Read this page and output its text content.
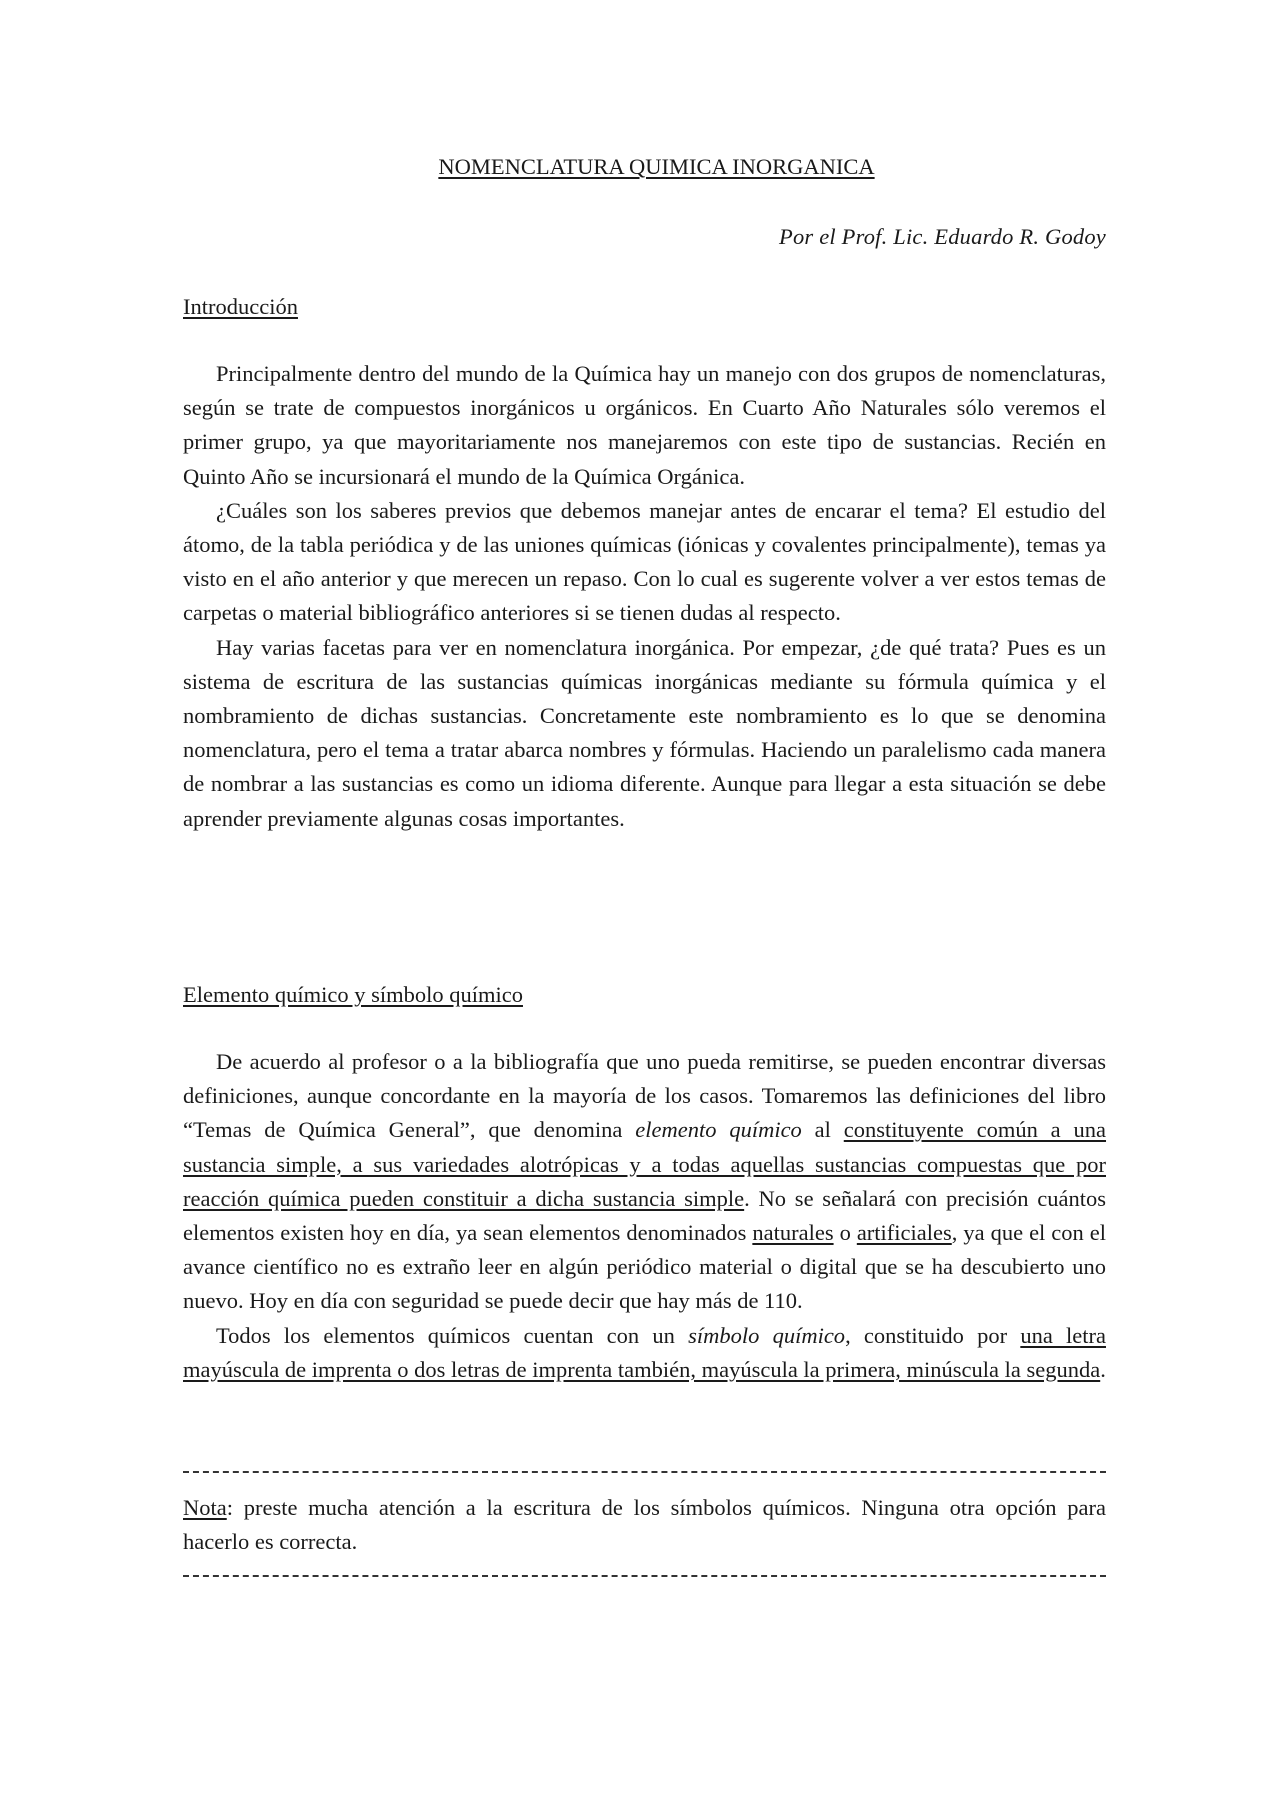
NOMENCLATURA QUIMICA INORGANICA
Por el Prof. Lic. Eduardo R. Godoy
Introducción

Principalmente dentro del mundo de la Química hay un manejo con dos grupos de nomenclaturas, según se trate de compuestos inorgánicos u orgánicos. En Cuarto Año Naturales sólo veremos el primer grupo, ya que mayoritariamente nos manejaremos con este tipo de sustancias. Recién en Quinto Año se incursionará el mundo de la Química Orgánica.

¿Cuáles son los saberes previos que debemos manejar antes de encarar el tema? El estudio del átomo, de la tabla periódica y de las uniones químicas (iónicas y covalentes principalmente), temas ya visto en el año anterior y que merecen un repaso. Con lo cual es sugerente volver a ver estos temas de carpetas o material bibliográfico anteriores si se tienen dudas al respecto.

Hay varias facetas para ver en nomenclatura inorgánica. Por empezar, ¿de qué trata? Pues es un sistema de escritura de las sustancias químicas inorgánicas mediante su fórmula química y el nombramiento de dichas sustancias. Concretamente este nombramiento es lo que se denomina nomenclatura, pero el tema a tratar abarca nombres y fórmulas. Haciendo un paralelismo cada manera de nombrar a las sustancias es como un idioma diferente. Aunque para llegar a esta situación se debe aprender previamente algunas cosas importantes.

Elemento químico y símbolo químico

De acuerdo al profesor o a la bibliografía que uno pueda remitirse, se pueden encontrar diversas definiciones, aunque concordante en la mayoría de los casos. Tomaremos las definiciones del libro “Temas de Química General”, que denomina elemento químico al constituyente común a una sustancia simple, a sus variedades alotrópicas y a todas aquellas sustancias compuestas que por reacción química pueden constituir a dicha sustancia simple. No se señalará con precisión cuántos elementos existen hoy en día, ya sean elementos denominados naturales o artificiales, ya que el con el avance científico no es extraño leer en algún periódico material o digital que se ha descubierto uno nuevo. Hoy en día con seguridad se puede decir que hay más de 110.

Todos los elementos químicos cuentan con un símbolo químico, constituido por una letra mayúscula de imprenta o dos letras de imprenta también, mayúscula la primera, minúscula la segunda.

Nota: preste mucha atención a la escritura de los símbolos químicos. Ninguna otra opción para hacerlo es correcta.
